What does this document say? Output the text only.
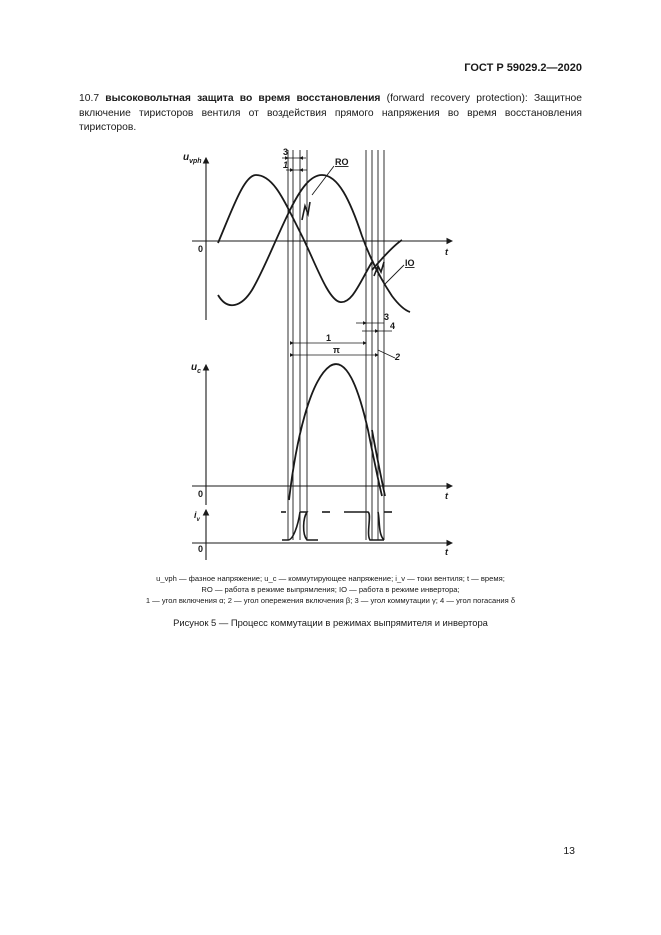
ГОСТ Р 59029.2—2020
10.7 высоковольтная защита во время восстановления (forward recovery protection): Защитное включение тиристоров вентиля от воздействия прямого напряжения во время восстановления тиристоров.
$u_{vph}$
0	t
$u_c$
0	t
$i_v$
0	t
3
1	RO
IO
3
4
1
π
2
u_vph — фазное напряжение; u_c — коммутирующее напряжение; i_v — токи вентиля; t — время;
RO — работа в режиме выпрямления; IO — работа в режиме инвертора;
1 — угол включения α; 2 — угол опережения включения β; 3 — угол коммутации γ; 4 — угол погасания δ
Рисунок 5 — Процесс коммутации в режимах выпрямителя и инвертора
13
